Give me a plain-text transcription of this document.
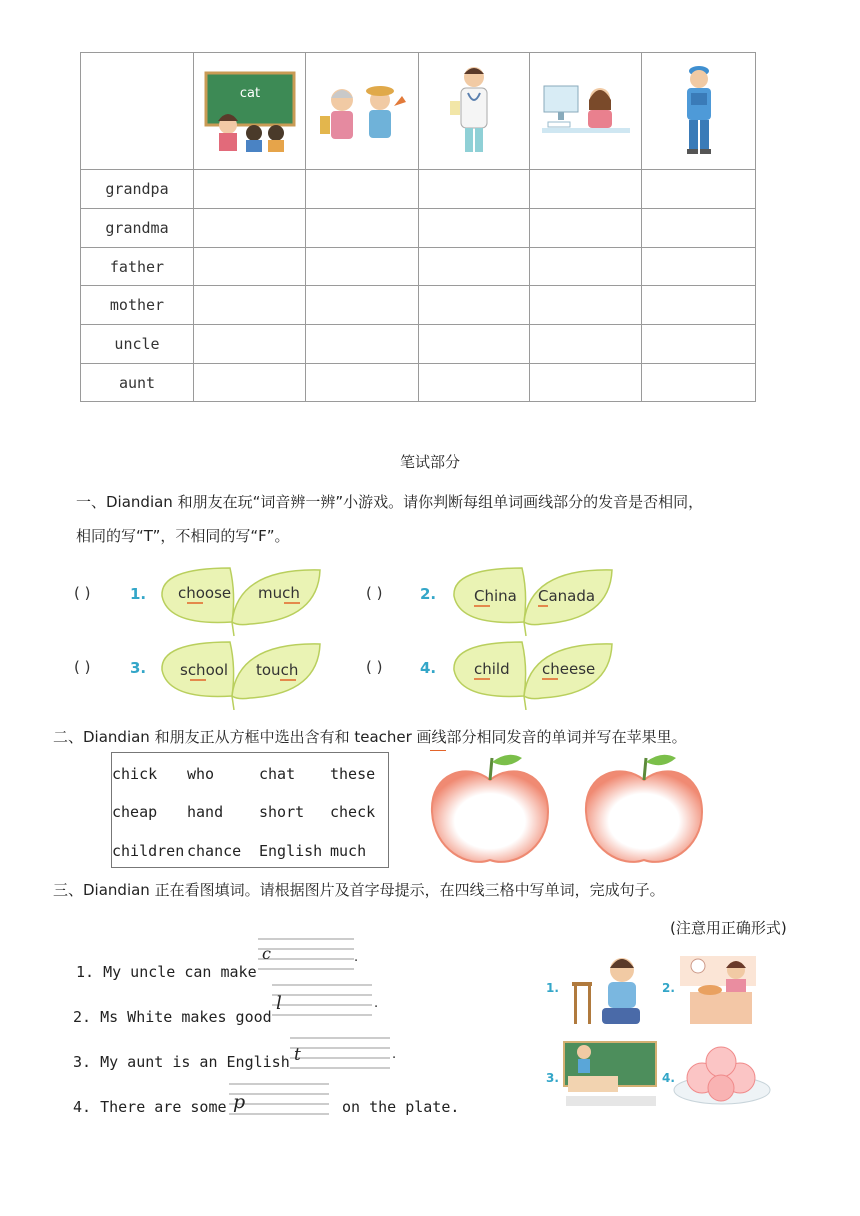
cat

grandpa					
grandma					
father					
mother					
uncle					
aunt					
笔试部分
一、Diandian 和朋友在玩“词音辨一辨”小游戏。请你判断每组单词画线部分的发音是否相同，
相同的写“T”，不相同的写“F”。
( )	1. choose much	( )	2.	China Canada
( )	3. school touch	( )	4.	child cheese
二、Diandian 和朋友正从方框中选出含有和 teacher 画线部分相同发音的单词并写在苹果里。
chick who	chat these
cheap hand short check
children chance English much
三、Diandian 正在看图填词。请根据图片及首字母提示，在四线三格中写单词，完成句子。
(注意用正确形式)
1. My uncle can make
c	.
2. Ms White makes good
l	.
3. My aunt is an English t	.
4. There are some p	on the plate.
1.	2.
3.	4.
